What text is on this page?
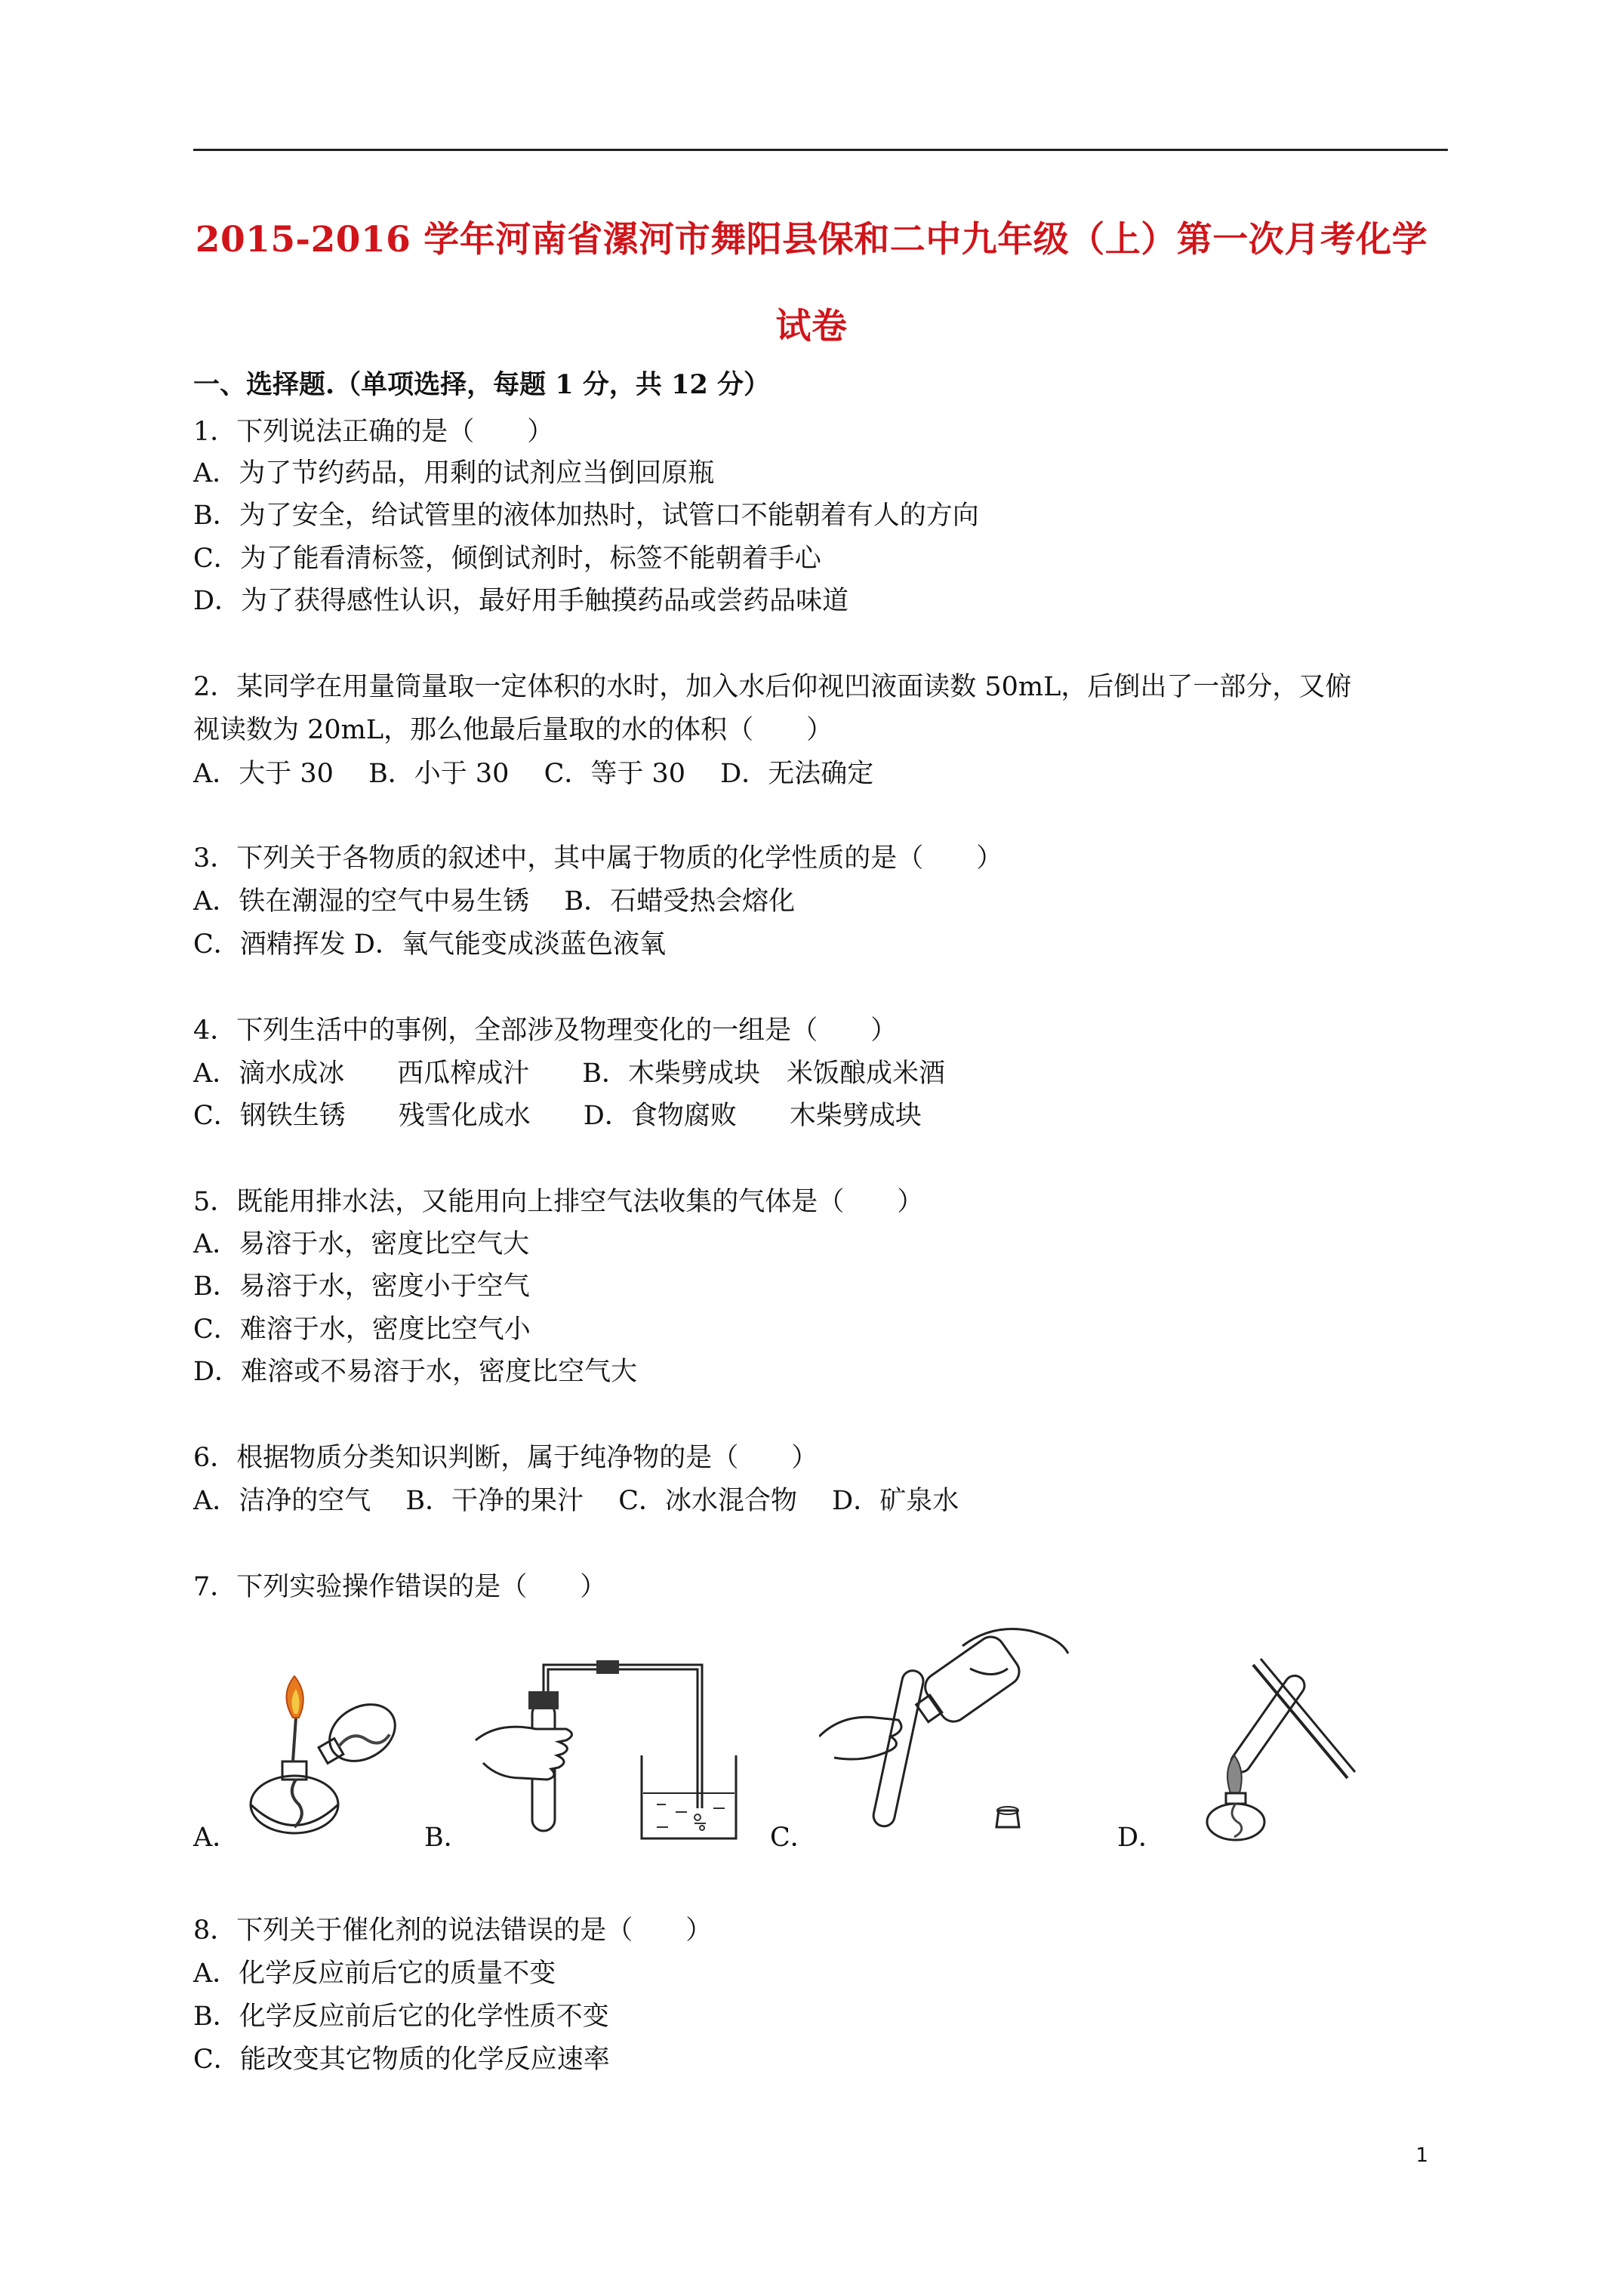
2015-2016 学年河南省漯河市舞阳县保和二中九年级（上）第一次月考化学
试卷
一、选择题.（单项选择，每题 1 分，共 12 分）
1．下列说法正确的是（　　）
A．为了节约药品，用剩的试剂应当倒回原瓶
B．为了安全，给试管里的液体加热时，试管口不能朝着有人的方向
C．为了能看清标签，倾倒试剂时，标签不能朝着手心
D．为了获得感性认识，最好用手触摸药品或尝药品味道
2．某同学在用量筒量取一定体积的水时，加入水后仰视凹液面读数 50mL，后倒出了一部分，又俯
视读数为 20mL，那么他最后量取的水的体积（　　）
A．大于 30　 B．小于 30　 C．等于 30　 D．无法确定
3．下列关于各物质的叙述中，其中属于物质的化学性质的是（　　）
A．铁在潮湿的空气中易生锈　 B．石蜡受热会熔化
C．酒精挥发 D．氧气能变成淡蓝色液氧
4．下列生活中的事例，全部涉及物理变化的一组是（　　）
A．滴水成冰　　西瓜榨成汁　　B．木柴劈成块　米饭酿成米酒
C．钢铁生锈　　残雪化成水　　D．食物腐败　　木柴劈成块
5．既能用排水法，又能用向上排空气法收集的气体是（　　）
A．易溶于水，密度比空气大
B．易溶于水，密度小于空气
C．难溶于水，密度比空气小
D．难溶或不易溶于水，密度比空气大
6．根据物质分类知识判断，属于纯净物的是（　　）
A．洁净的空气　 B．干净的果汁　 C．冰水混合物　 D．矿泉水
7．下列实验操作错误的是（　　）
A．	B．	C．	D．
8．下列关于催化剂的说法错误的是（　　）
A．化学反应前后它的质量不变
B．化学反应前后它的化学性质不变
C．能改变其它物质的化学反应速率
1
